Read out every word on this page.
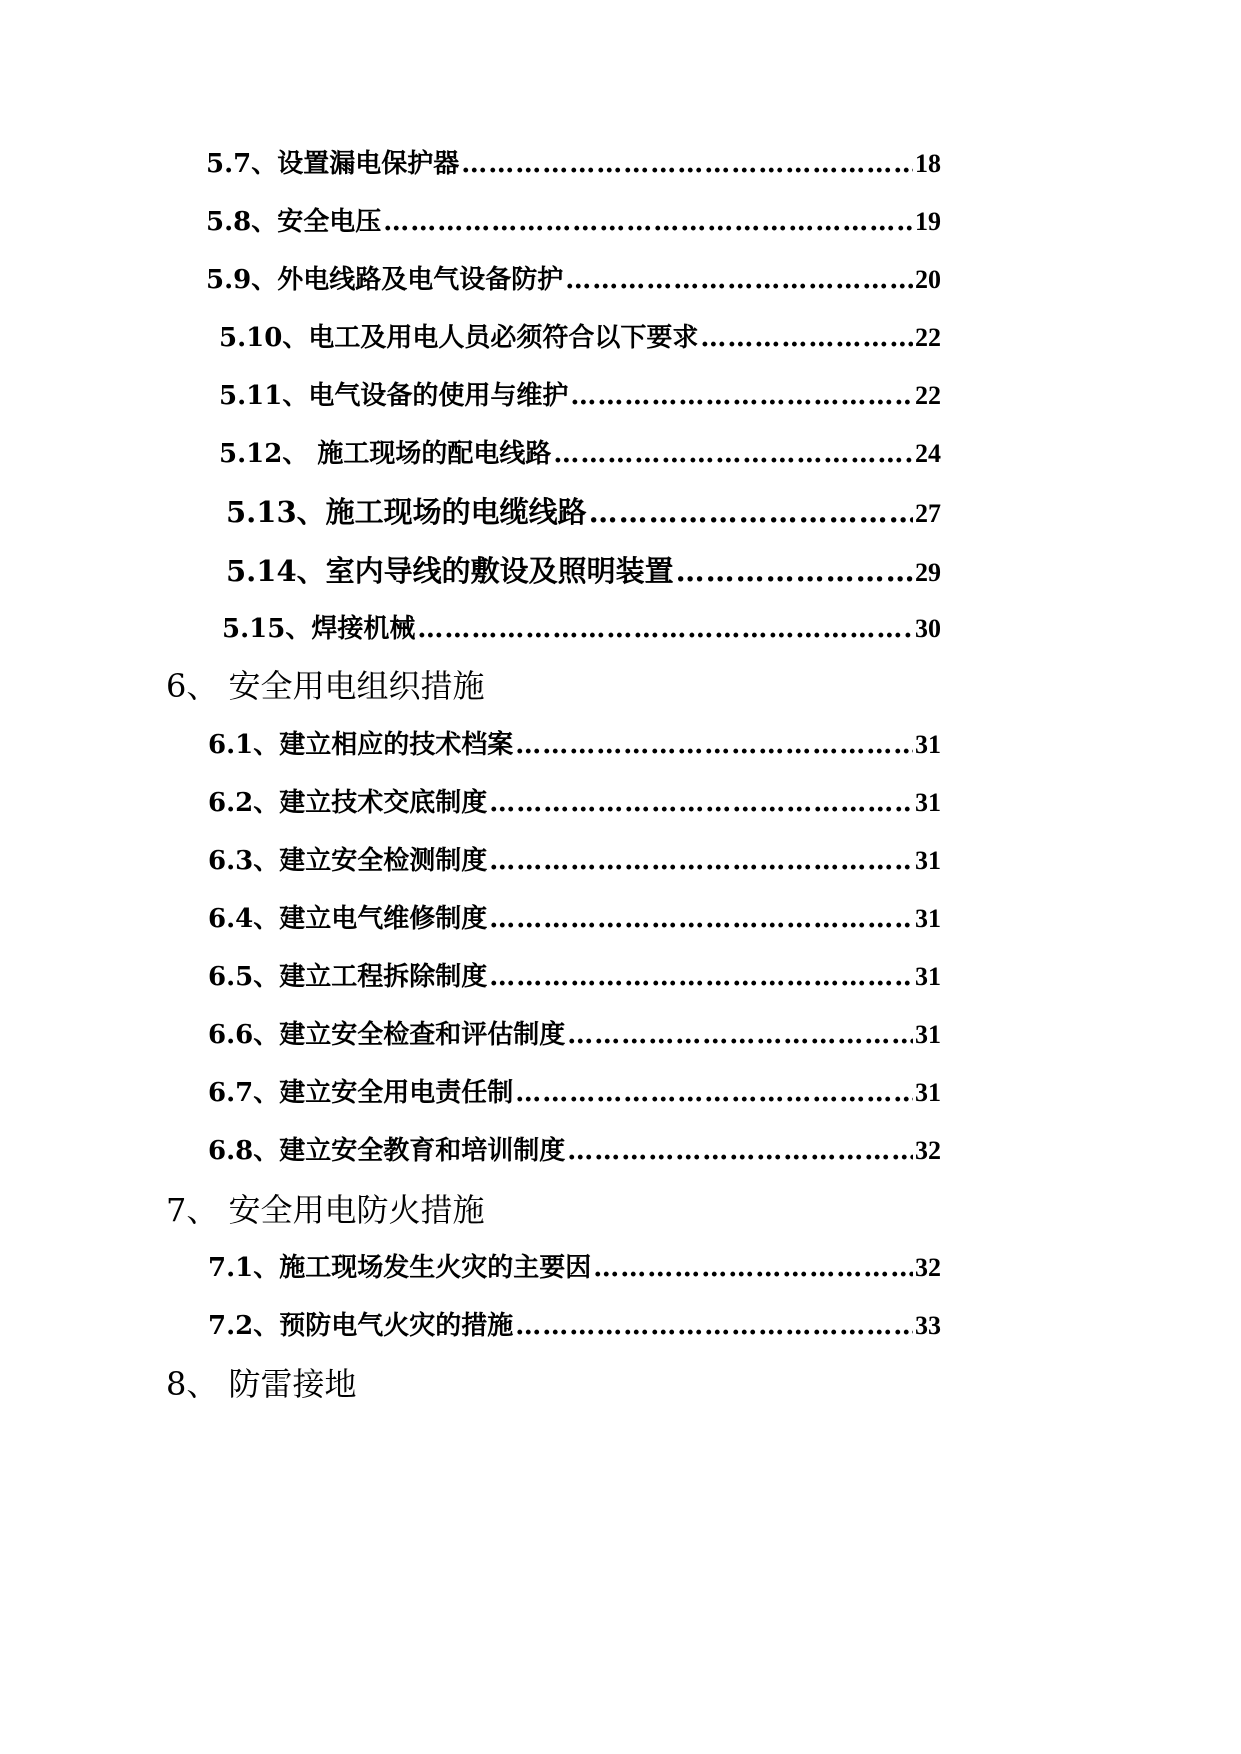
5.7、设置漏电保护器 ………………………………………………………………………………………………………………………………………………………	18
5.8、安全电压 ………………………………………………………………………………………………………………………………………………………	19
5.9、外电线路及电气设备防护 ………………………………………………………………………………………………………………………………………………………	20
5.10、电工及用电人员必须符合以下要求 ………………………………………………………………………………………………………………………………………………………	22
5.11、电气设备的使用与维护 ………………………………………………………………………………………………………………………………………………………	22
5.12、 施工现场的配电线路 ………………………………………………………………………………………………………………………………………………………	24
5.13、施工现场的电缆线路 ………………………………………………………………………………………………………………………………………………………	27
5.14、室内导线的敷设及照明装置 ………………………………………………………………………………………………………………………………………………………	29
5.15、焊接机械 ………………………………………………………………………………………………………………………………………………………	30
6、 安全用电组织措施
6.1、建立相应的技术档案 ………………………………………………………………………………………………………………………………………………………	31
6.2、建立技术交底制度 ………………………………………………………………………………………………………………………………………………………	31
6.3、建立安全检测制度 ………………………………………………………………………………………………………………………………………………………	31
6.4、建立电气维修制度 ………………………………………………………………………………………………………………………………………………………	31
6.5、建立工程拆除制度 ………………………………………………………………………………………………………………………………………………………	31
6.6、建立安全检查和评估制度 ………………………………………………………………………………………………………………………………………………………	31
6.7、建立安全用电责任制 ………………………………………………………………………………………………………………………………………………………	31
6.8、建立安全教育和培训制度 ………………………………………………………………………………………………………………………………………………………	32
7、 安全用电防火措施
7.1、施工现场发生火灾的主要因 ………………………………………………………………………………………………………………………………………………………	32
7.2、预防电气火灾的措施 ………………………………………………………………………………………………………………………………………………………	33
8、 防雷接地
